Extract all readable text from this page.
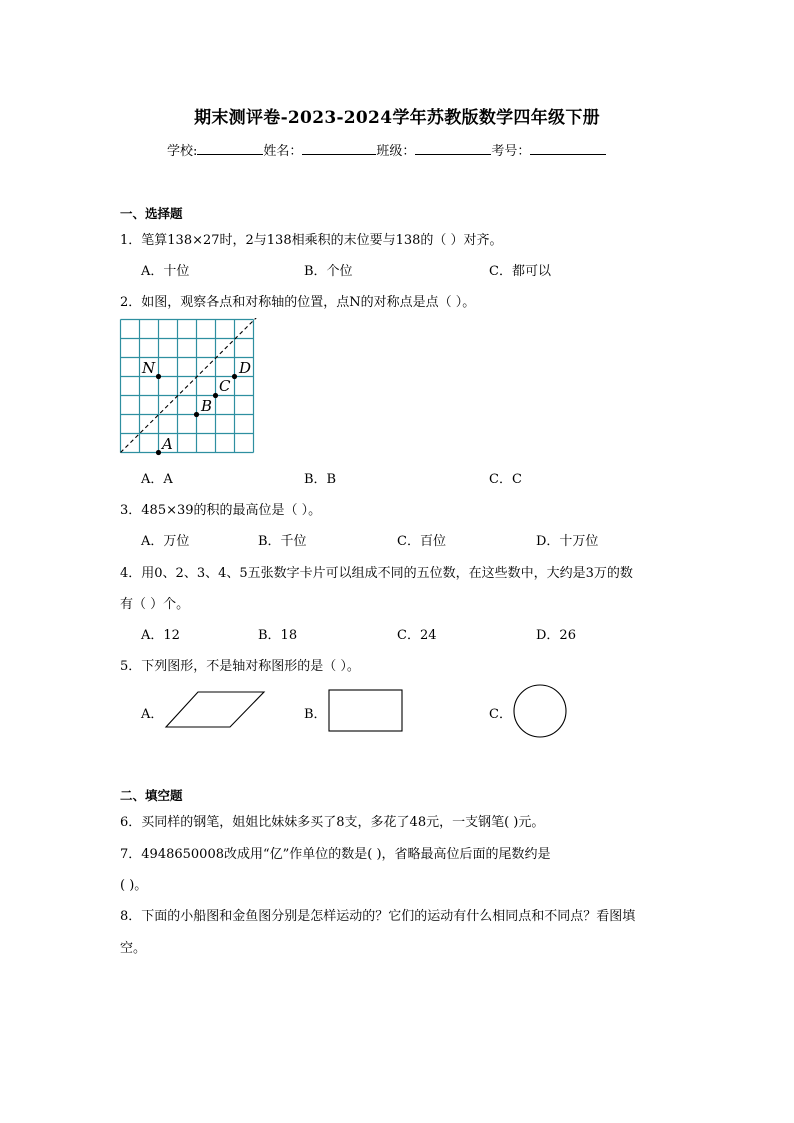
期末测评卷-2023-2024学年苏教版数学四年级下册
学校:	姓名：	班级：	考号：
一、选择题
1．笔算138×27时，2与138相乘积的末位要与138的（ ）对齐。
A．十位	B．个位	C．都可以
2．如图，观察各点和对称轴的位置，点N的对称点是点（ ）。
N	D
C
B
A
A．A	B．B	C．C
3．485×39的积的最高位是（ ）。
A．万位	B．千位	C．百位	D．十万位
4．用0、2、3、4、5五张数字卡片可以组成不同的五位数，在这些数中，大约是3万的数
有（ ）个。
A．12	B．18	C．24	D．26
5．下列图形，不是轴对称图形的是（ ）。
A．	B．	C．
二、填空题
6．买同样的钢笔，姐姐比妹妹多买了8支，多花了48元，一支钢笔( )元。
7．4948650008改成用“亿”作单位的数是( )，省略最高位后面的尾数约是
( )。
8．下面的小船图和金鱼图分别是怎样运动的？它们的运动有什么相同点和不同点？看图填
空。
